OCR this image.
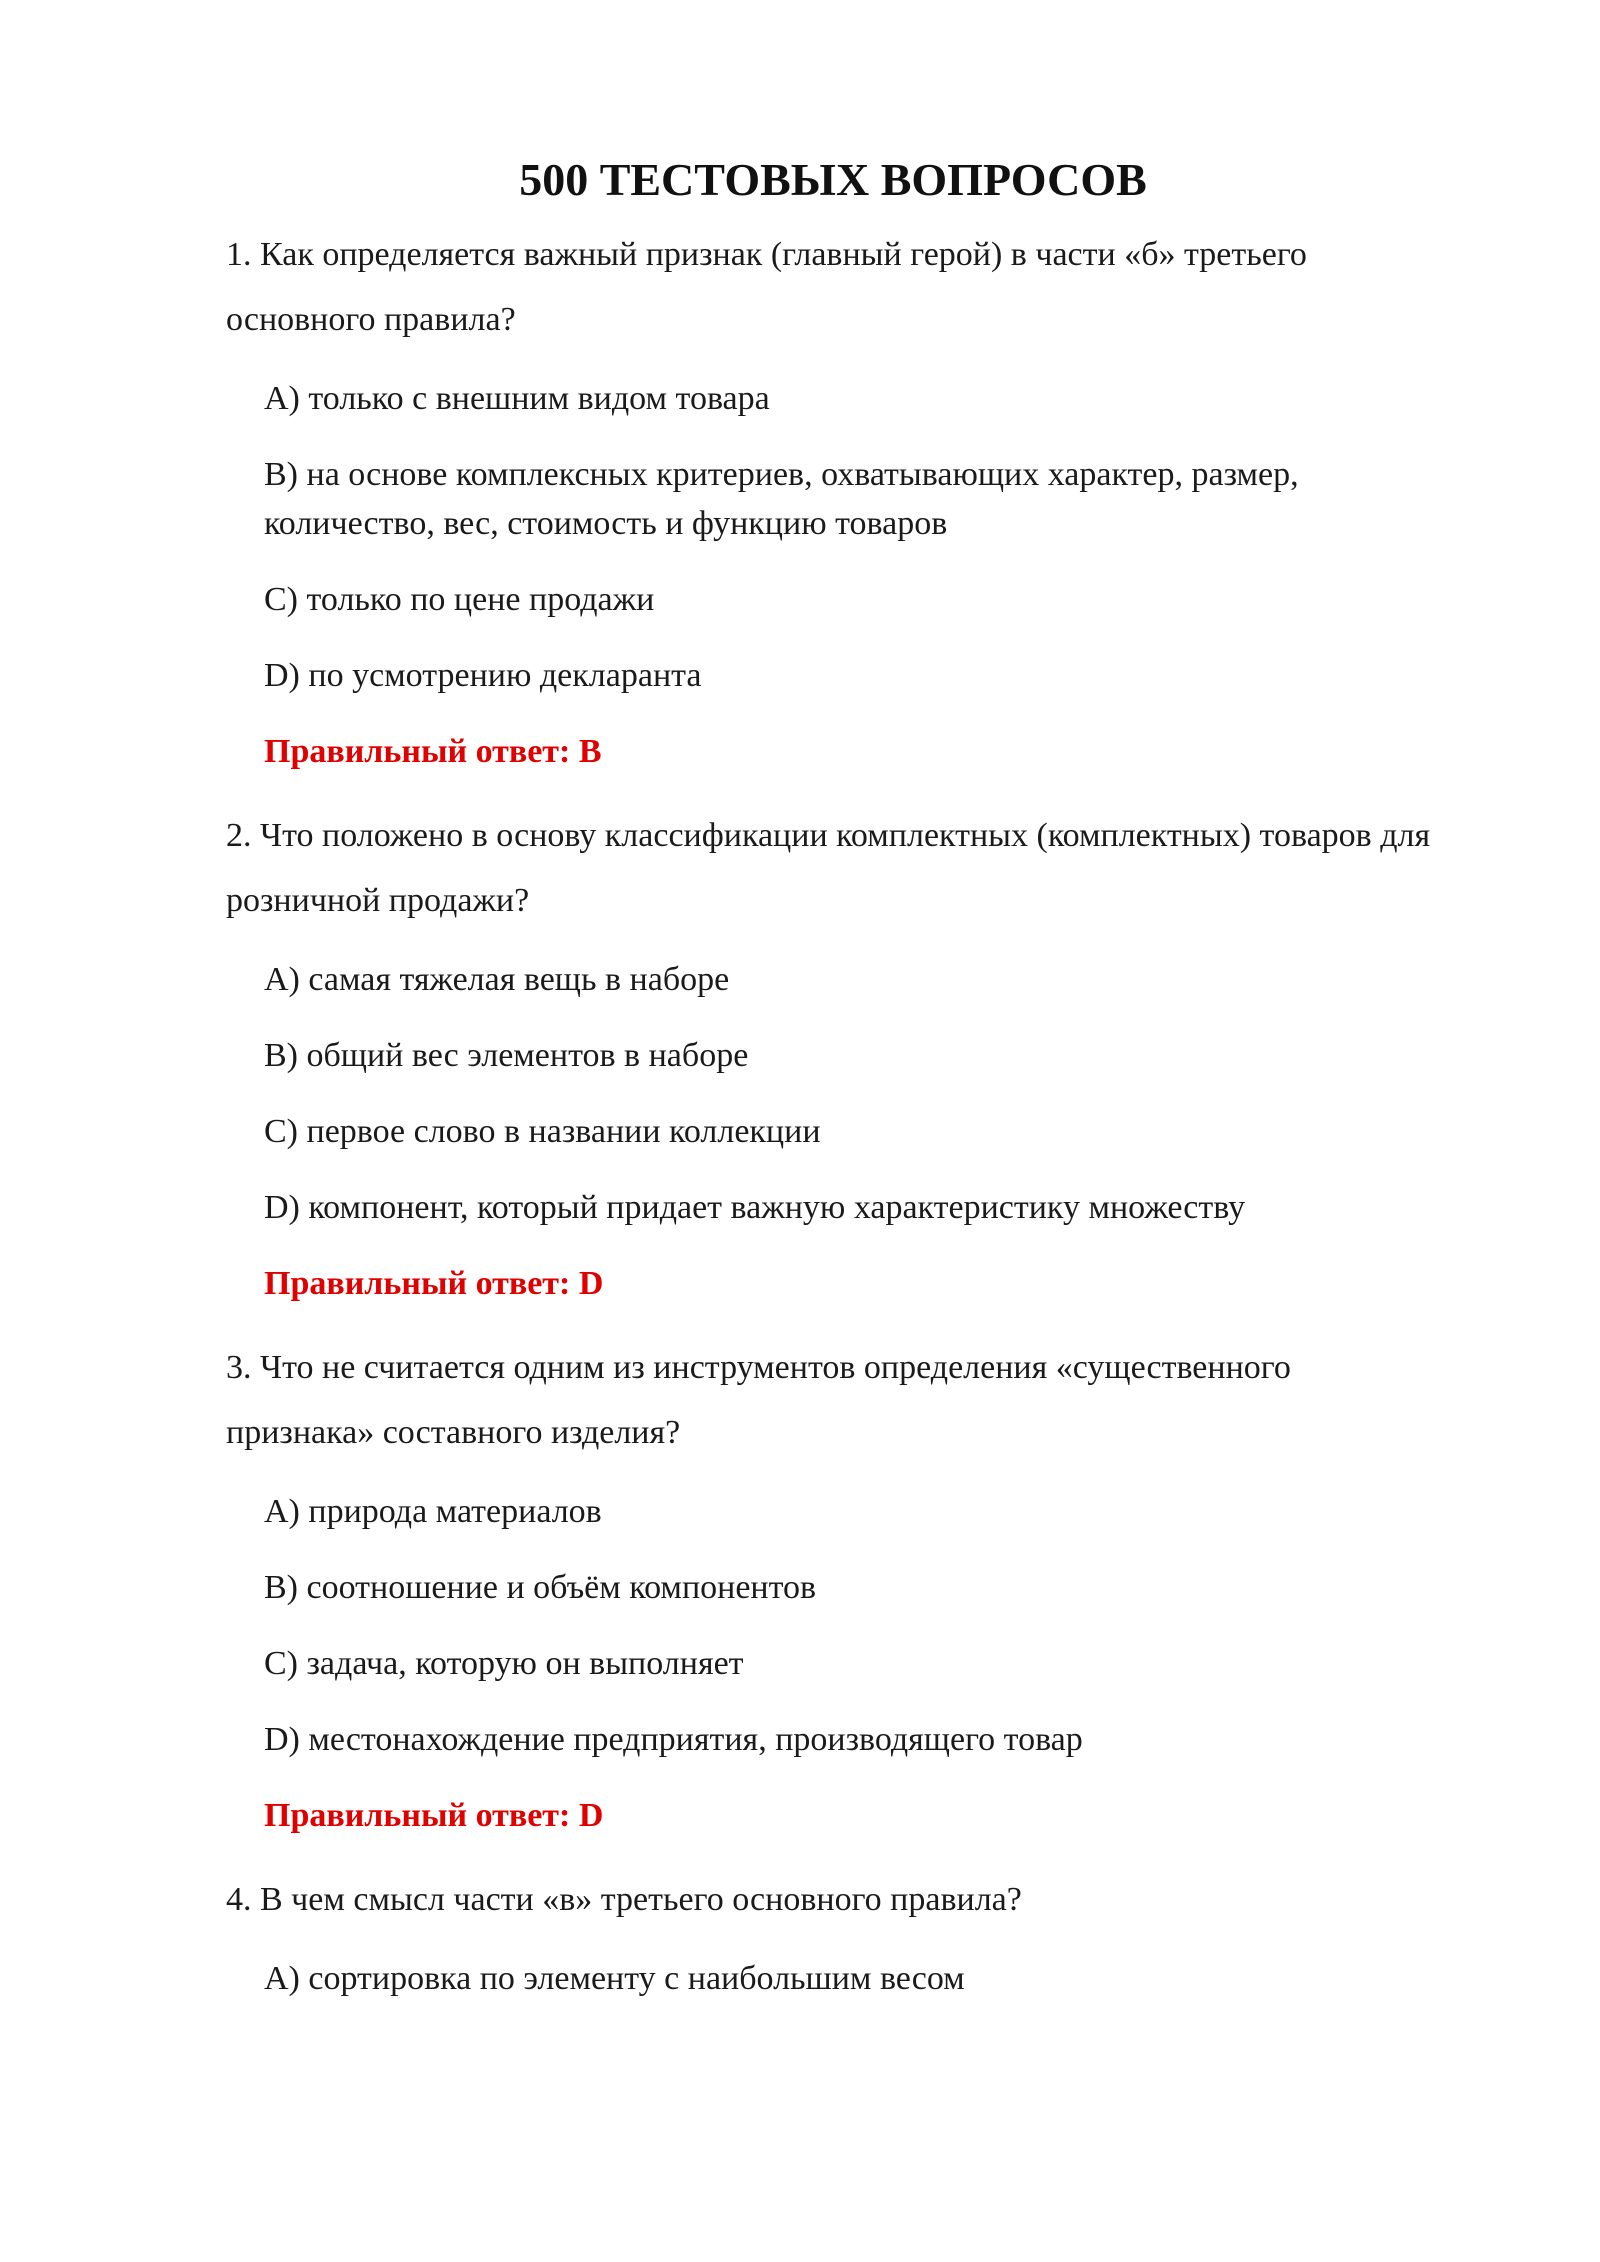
500 ТЕСТОВЫХ ВОПРОСОВ

1. Как определяется важный признак (главный герой) в части «б» третьего основного правила?

A) только с внешним видом товара

B) на основе комплексных критериев, охватывающих характер, размер, количество, вес, стоимость и функцию товаров

C) только по цене продажи

D) по усмотрению декларанта

Правильный ответ: B

2. Что положено в основу классификации комплектных (комплектных) товаров для розничной продажи?

A) самая тяжелая вещь в наборе

B) общий вес элементов в наборе

C) первое слово в названии коллекции

D) компонент, который придает важную характеристику множеству

Правильный ответ: D

3. Что не считается одним из инструментов определения «существенного признака» составного изделия?

A) природа материалов

B) соотношение и объём компонентов

C) задача, которую он выполняет

D) местонахождение предприятия, производящего товар

Правильный ответ: D

4. В чем смысл части «в» третьего основного правила?

A) сортировка по элементу с наибольшим весом
